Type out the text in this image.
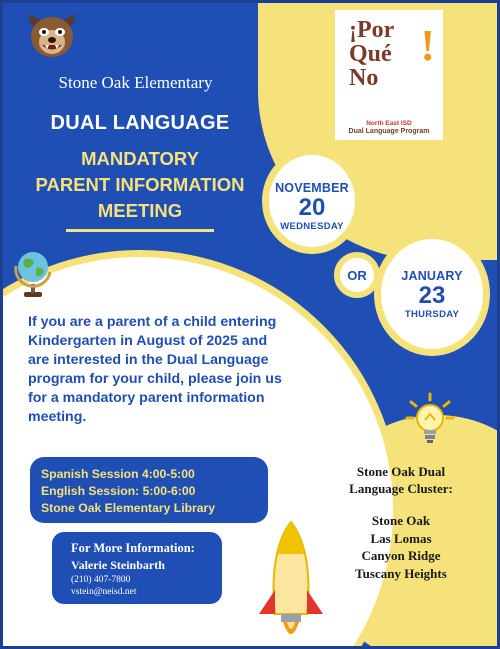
Stone Oak Elementary
DUAL LANGUAGE
MANDATORY
PARENT INFORMATION
MEETING
¡Por
Qué
No
!
North East ISD
Dual Language Program
NOVEMBER
20
WEDNESDAY
OR	JANUARY
23
THURSDAY
If you are a parent of a child entering Kindergarten in August of 2025 and are interested in the Dual Language program for your child, please join us for a mandatory parent information meeting.
Spanish Session 4:00-5:00
English Session: 5:00-6:00
Stone Oak Elementary Library
For More Information:
Valerie Steinbarth
(210) 407-7800
vstein@neisd.net
Stone Oak Dual
Language Cluster:
Stone Oak
Las Lomas
Canyon Ridge
Tuscany Heights
